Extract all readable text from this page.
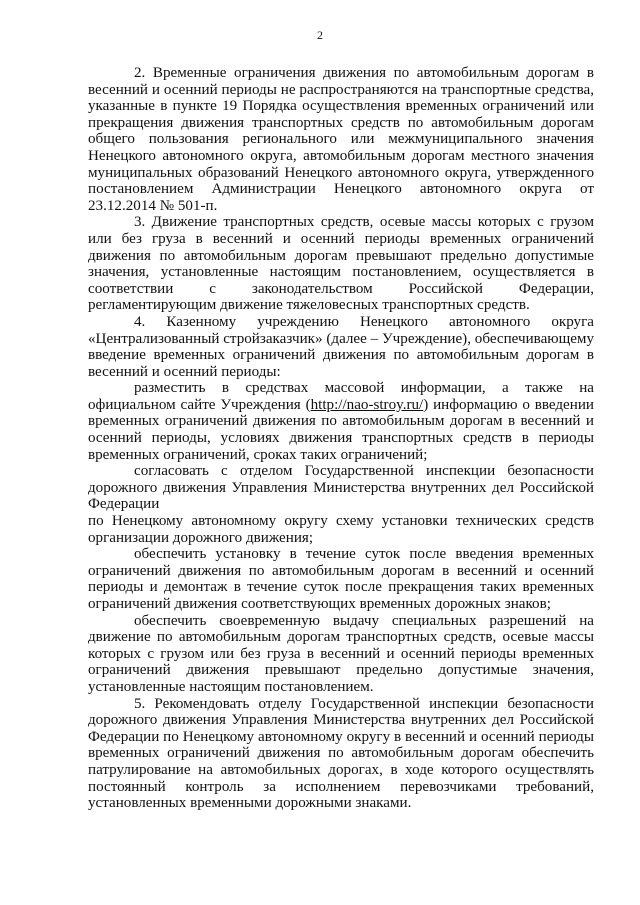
2

2. Временные ограничения движения по автомобильным дорогам в весенний и осенний периоды не распространяются на транспортные средства, указанные в пункте 19 Порядка осуществления временных ограничений или прекращения движения транспортных средств по автомобильным дорогам общего пользования регионального или межмуниципального значения Ненецкого автономного округа, автомобильным дорогам местного значения муниципальных образований Ненецкого автономного округа, утвержденного постановлением Администрации Ненецкого автономного округа от 23.12.2014 № 501-п.

3. Движение транспортных средств, осевые массы которых с грузом или без груза в весенний и осенний периоды временных ограничений движения по автомобильным дорогам превышают предельно допустимые значения, установленные настоящим постановлением, осуществляется в соответствии с законодательством Российской Федерации, регламентирующим движение тяжеловесных транспортных средств.

4. Казенному учреждению Ненецкого автономного округа «Централизованный стройзаказчик» (далее – Учреждение), обеспечивающему введение временных ограничений движения по автомобильным дорогам в весенний и осенний периоды:

разместить в средствах массовой информации, а также на официальном сайте Учреждения (http://nao-stroy.ru/) информацию о введении временных ограничений движения по автомобильным дорогам в весенний и осенний периоды, условиях движения транспортных средств в периоды временных ограничений, сроках таких ограничений;

согласовать с отделом Государственной инспекции безопасности дорожного движения Управления Министерства внутренних дел Российской Федерации

по Ненецкому автономному округу схему установки технических средств организации дорожного движения;

обеспечить установку в течение суток после введения временных ограничений движения по автомобильным дорогам в весенний и осенний периоды и демонтаж в течение суток после прекращения таких временных ограничений движения соответствующих временных дорожных знаков;

обеспечить своевременную выдачу специальных разрешений на движение по автомобильным дорогам транспортных средств, осевые массы которых с грузом или без груза в весенний и осенний периоды временных ограничений движения превышают предельно допустимые значения, установленные настоящим постановлением.

5. Рекомендовать отделу Государственной инспекции безопасности дорожного движения Управления Министерства внутренних дел Российской Федерации по Ненецкому автономному округу в весенний и осенний периоды временных ограничений движения по автомобильным дорогам обеспечить патрулирование на автомобильных дорогах, в ходе которого осуществлять постоянный контроль за исполнением перевозчиками требований, установленных временными дорожными знаками.
